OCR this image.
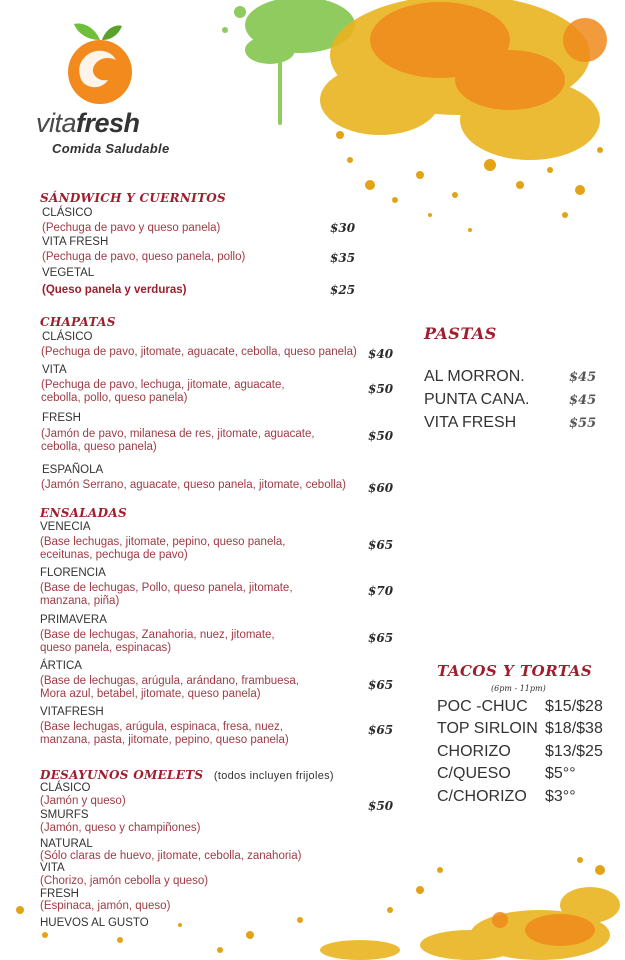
vitafresh
Comida Saludable
SÁNDWICH Y CUERNITOS
CLÁSICO
(Pechuga de pavo y queso panela)	$30
VITA FRESH
(Pechuga de pavo, queso panela, pollo)	$35
VEGETAL
(Queso panela y verduras)	$25
CHAPATAS
CLÁSICO
(Pechuga de pavo, jitomate, aguacate, cebolla, queso panela) $40
VITA
(Pechuga de pavo, lechuga, jitomate, aguacate, cebolla, pollo, queso panela)
$50
FRESH
(Jamón de pavo, milanesa de res, jitomate, aguacate, cebolla, queso panela)
$50
ESPAÑOLA
(Jamón Serrano, aguacate, queso panela, jitomate, cebolla) $60
ENSALADAS
VENECIA
(Base lechugas, jitomate, pepino, queso panela, eceitunas, pechuga de pavo)
$65
FLORENCIA
(Base de lechugas, Pollo, queso panela, jitomate, manzana, piña)
$70
PRIMAVERA
(Base de lechugas, Zanahoria, nuez, jitomate, queso panela, espinacas)
$65
ÁRTICA
(Base de lechugas, arúgula, arándano, frambuesa, Mora azul, betabel, jitomate, queso panela)
$65
VITAFRESH
(Base lechugas, arúgula, espinaca, fresa, nuez, manzana, pasta, jitomate, pepino, queso panela)
$65
DESAYUNOS OMELETS (todos incluyen frijoles)
CLÁSICO
(Jamón y queso)	$50
SMURFS
(Jamón, queso y champiñones)
NATURAL
(Sólo claras de huevo, jitomate, cebolla, zanahoria)
VITA
(Chorizo, jamón cebolla y queso)
FRESH
(Espinaca, jamón, queso)
HUEVOS AL GUSTO
PASTAS
AL MORRON.	$45
PUNTA CANA.	$45
VITA FRESH	$55
TACOS Y TORTAS
(6pm - 11pm)
POC -CHUC $15/$28
TOP SIRLOIN $18/$38
CHORIZO $13/$25
C/QUESO $5°°
C/CHORIZO $3°°
